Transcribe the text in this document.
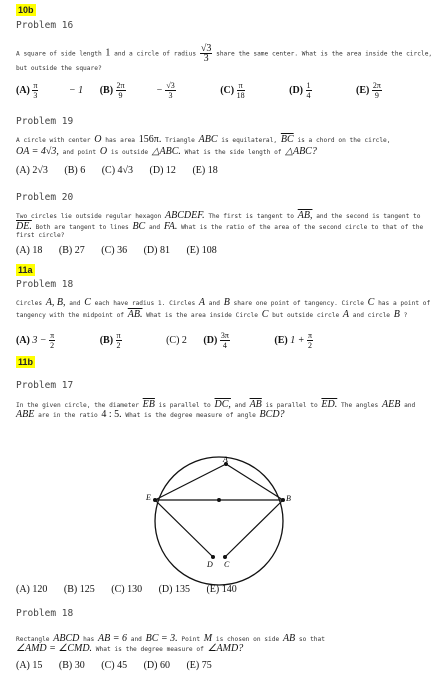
10b
Problem 16
A square of side length 1 and a circle of radius $\frac{√3}{3}$ share the same center. What is the area inside the circle,
but outside the square?
$(A) \frac{\pi}{3} - 1$ $(B) \frac{2\pi}{9} - \frac{√3}{3}$	$(C) \frac{\pi}{18}$	$(D) \frac{1}{4}$	$(E) \frac{2\pi}{9}$
Problem 19
A circle with center O has area 156π. Triangle ABC is equilateral, $\overline{BC}$ is a chord on the circle,
OA = 4√3, and point O is outside △ABC. What is the side length of △ABC?
(A) 2√3 (B) 6 (C) 4√3 (D) 12 (E) 18
Problem 20
Two circles lie outside regular hexagon ABCDEF. The first is tangent to AB, and the second is tangent to
DE. Both are tangent to lines BC and FA. What is the ratio of the area of the second circle to that of the
first circle?
(A) 18 (B) 27 (C) 36 (D) 81 (E) 108
11a
Problem 18
Circles A, B, and C each have radius 1. Circles A and B share one point of tangency. Circle C has a point of
tangency with the midpoint of AB. What is the area inside Circle C but outside circle A and circle B ?
(A) $3 - \frac{\pi}{2}$	$(B) \frac{\pi}{2}$	(C) 2 $(D) \frac{3\pi}{4}$	(E) $1 + \frac{\pi}{2}$
11b
Problem 17
In the given circle, the diameter $\overline{EB}$ is parallel to DC, and $\overline{AB}$ is parallel to ED. The angles AEB and
ABE are in the ratio 4 : 5. What is the degree measure of angle BCD?
A
E	B
D C
(A) 120 (B) 125 (C) 130 (D) 135 (E) 140
Problem 18
Rectangle ABCD has AB = 6 and BC = 3. Point M is chosen on side AB so that
∠AMD = ∠CMD. What is the degree measure of ∠AMD?
(A) 15 (B) 30 (C) 45 (D) 60 (E) 75
